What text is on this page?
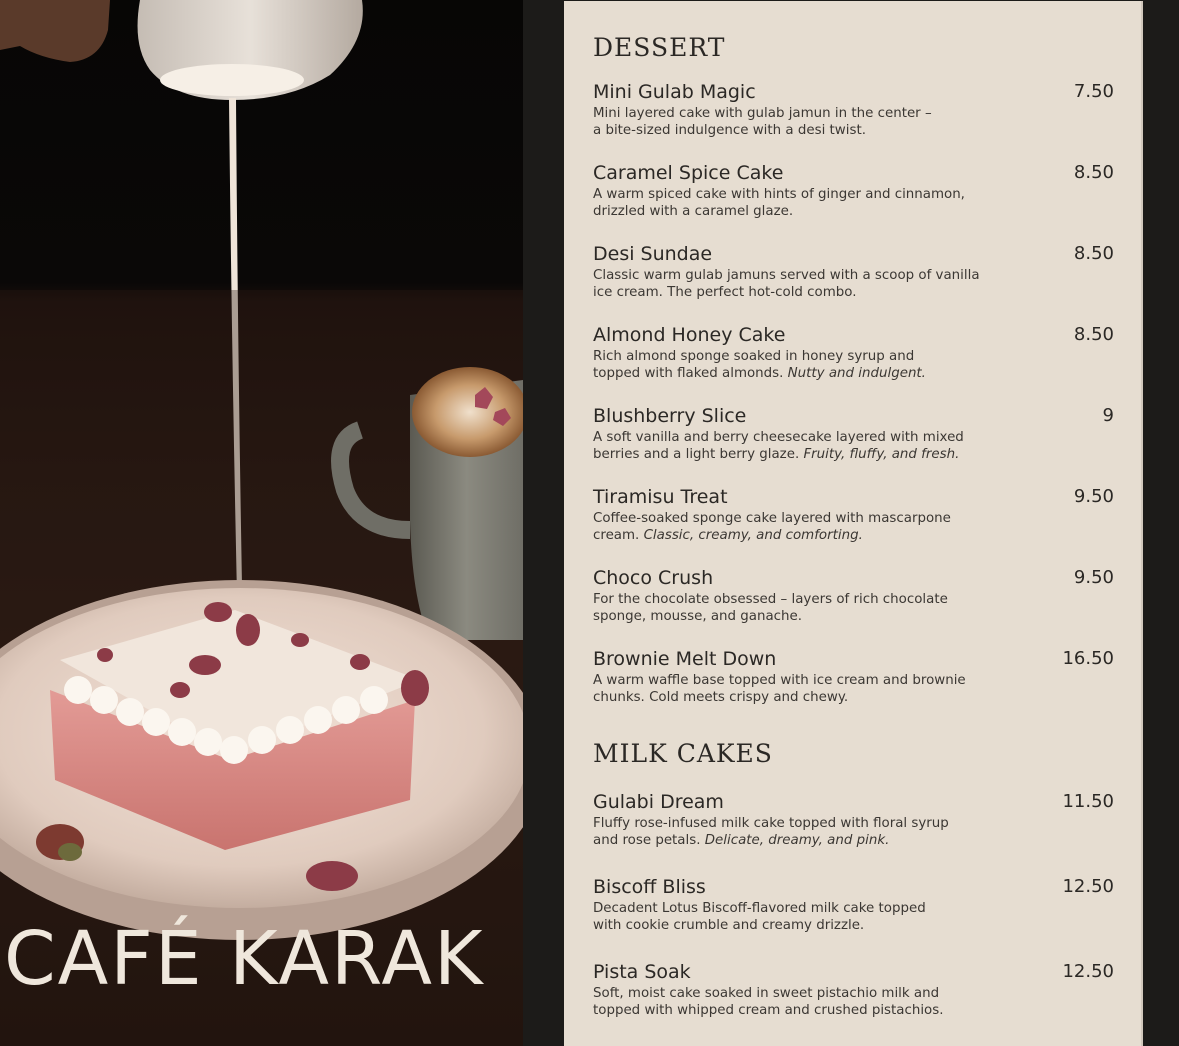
CAFÉ KARAK
DESSERT
Mini Gulab Magic	7.50
Mini layered cake with gulab jamun in the center –
a bite-sized indulgence with a desi twist.
Caramel Spice Cake	8.50
A warm spiced cake with hints of ginger and cinnamon,
drizzled with a caramel glaze.
Desi Sundae	8.50
Classic warm gulab jamuns served with a scoop of vanilla
ice cream. The perfect hot-cold combo.
Almond Honey Cake	8.50
Rich almond sponge soaked in honey syrup and
topped with flaked almonds. Nutty and indulgent.
Blushberry Slice	9
A soft vanilla and berry cheesecake layered with mixed
berries and a light berry glaze. Fruity, fluffy, and fresh.
Tiramisu Treat	9.50
Coffee-soaked sponge cake layered with mascarpone
cream. Classic, creamy, and comforting.
Choco Crush	9.50
For the chocolate obsessed – layers of rich chocolate
sponge, mousse, and ganache.
Brownie Melt Down	16.50
A warm waffle base topped with ice cream and brownie
chunks. Cold meets crispy and chewy.
MILK CAKES
Gulabi Dream	11.50
Fluffy rose-infused milk cake topped with floral syrup
and rose petals. Delicate, dreamy, and pink.
Biscoff Bliss	12.50
Decadent Lotus Biscoff-flavored milk cake topped
with cookie crumble and creamy drizzle.
Pista Soak	12.50
Soft, moist cake soaked in sweet pistachio milk and
topped with whipped cream and crushed pistachios.
